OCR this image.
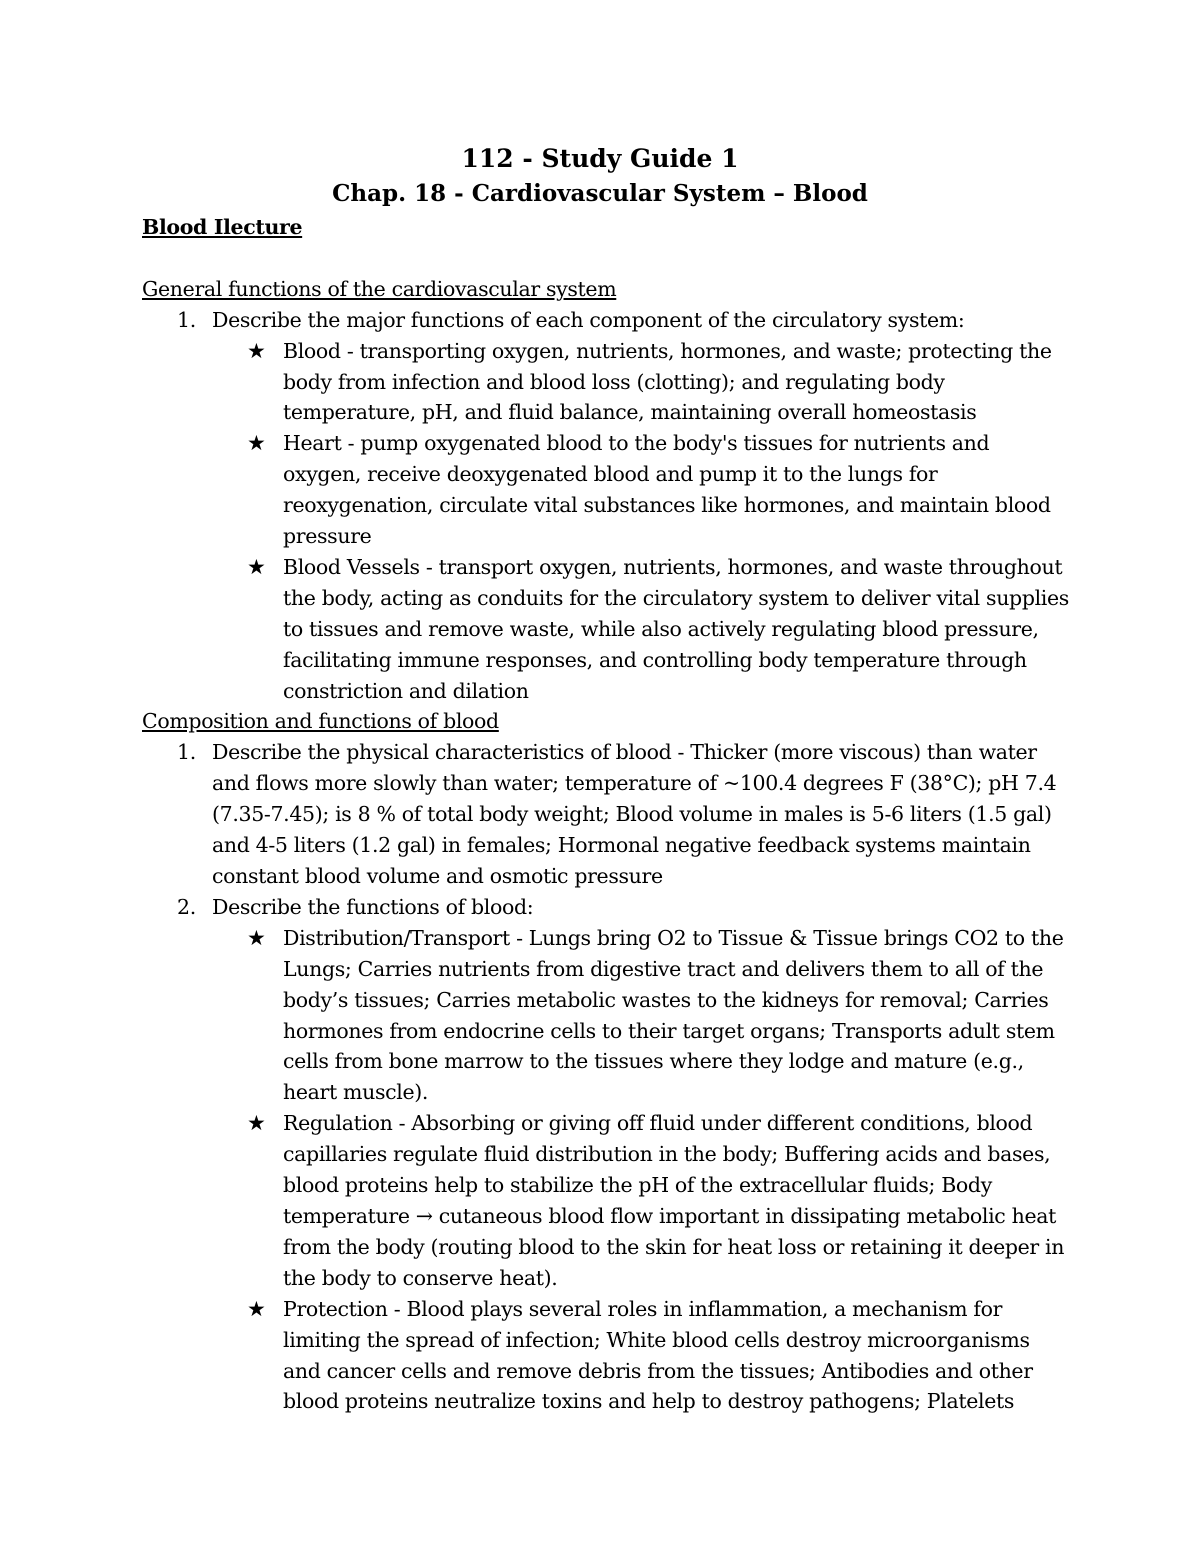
112 - Study Guide 1
Chap. 18 - Cardiovascular System – Blood
Blood Ilecture
General functions of the cardiovascular system
1. Describe the major functions of each component of the circulatory system:
★ Blood - transporting oxygen, nutrients, hormones, and waste; protecting the body from infection and blood loss (clotting); and regulating body temperature, pH, and fluid balance, maintaining overall homeostasis
★ Heart - pump oxygenated blood to the body's tissues for nutrients and oxygen, receive deoxygenated blood and pump it to the lungs for reoxygenation, circulate vital substances like hormones, and maintain blood pressure
★ Blood Vessels - transport oxygen, nutrients, hormones, and waste throughout the body, acting as conduits for the circulatory system to deliver vital supplies to tissues and remove waste, while also actively regulating blood pressure, facilitating immune responses, and controlling body temperature through constriction and dilation
Composition and functions of blood
1. Describe the physical characteristics of blood - Thicker (more viscous) than water and flows more slowly than water; temperature of ~100.4 degrees F (38°C); pH 7.4 (7.35-7.45); is 8 % of total body weight; Blood volume in males is 5-6 liters (1.5 gal) and 4-5 liters (1.2 gal) in females; Hormonal negative feedback systems maintain constant blood volume and osmotic pressure
2. Describe the functions of blood:
★ Distribution/Transport - Lungs bring O2 to Tissue & Tissue brings CO2 to the Lungs; Carries nutrients from digestive tract and delivers them to all of the body’s tissues; Carries metabolic wastes to the kidneys for removal; Carries hormones from endocrine cells to their target organs; Transports adult stem cells from bone marrow to the tissues where they lodge and mature (e.g., heart muscle).
★ Regulation - Absorbing or giving off fluid under different conditions, blood capillaries regulate fluid distribution in the body; Buffering acids and bases, blood proteins help to stabilize the pH of the extracellular fluids; Body temperature → cutaneous blood flow important in dissipating metabolic heat from the body (routing blood to the skin for heat loss or retaining it deeper in the body to conserve heat).
★ Protection - Blood plays several roles in inflammation, a mechanism for limiting the spread of infection; White blood cells destroy microorganisms and cancer cells and remove debris from the tissues; Antibodies and other blood proteins neutralize toxins and help to destroy pathogens; Platelets
